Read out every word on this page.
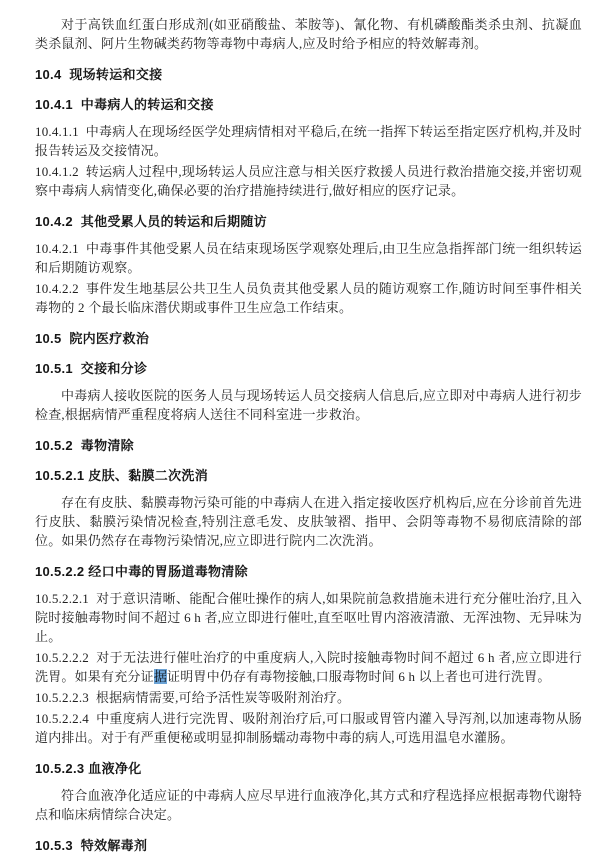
对于高铁血红蛋白形成剂(如亚硝酸盐、苯胺等)、氰化物、有机磷酸酯类杀虫剂、抗凝血类杀鼠剂、阿片生物碱类药物等毒物中毒病人,应及时给予相应的特效解毒剂。

10.4  现场转运和交接
10.4.1  中毒病人的转运和交接

10.4.1.1  中毒病人在现场经医学处理病情相对平稳后,在统一指挥下转运至指定医疗机构,并及时报告转运及交接情况。

10.4.1.2  转运病人过程中,现场转运人员应注意与相关医疗救援人员进行救治措施交接,并密切观察中毒病人病情变化,确保必要的治疗措施持续进行,做好相应的医疗记录。

10.4.2  其他受累人员的转运和后期随访

10.4.2.1  中毒事件其他受累人员在结束现场医学观察处理后,由卫生应急指挥部门统一组织转运和后期随访观察。

10.4.2.2  事件发生地基层公共卫生人员负责其他受累人员的随访观察工作,随访时间至事件相关毒物的 2 个最长临床潜伏期或事件卫生应急工作结束。

10.5  院内医疗救治
10.5.1  交接和分诊

中毒病人接收医院的医务人员与现场转运人员交接病人信息后,应立即对中毒病人进行初步检查,根据病情严重程度将病人送往不同科室进一步救治。

10.5.2  毒物清除
10.5.2.1 皮肤、黏膜二次洗消

存在有皮肤、黏膜毒物污染可能的中毒病人在进入指定接收医疗机构后,应在分诊前首先进行皮肤、黏膜污染情况检查,特别注意毛发、皮肤皱褶、指甲、会阴等毒物不易彻底清除的部位。如果仍然存在毒物污染情况,应立即进行院内二次洗消。

10.5.2.2 经口中毒的胃肠道毒物清除

10.5.2.2.1  对于意识清晰、能配合催吐操作的病人,如果院前急救措施未进行充分催吐治疗,且入院时接触毒物时间不超过 6 h 者,应立即进行催吐,直至呕吐胃内溶液清澈、无浑浊物、无异味为止。

10.5.2.2.2  对于无法进行催吐治疗的中重度病人,入院时接触毒物时间不超过 6 h 者,应立即进行洗胃。如果有充分证据证明胃中仍存有毒物接触,口服毒物时间 6 h 以上者也可进行洗胃。

10.5.2.2.3  根据病情需要,可给予活性炭等吸附剂治疗。

10.5.2.2.4  中重度病人进行完洗胃、吸附剂治疗后,可口服或胃管内灌入导泻剂,以加速毒物从肠道内排出。对于有严重便秘或明显抑制肠蠕动毒物中毒的病人,可选用温皂水灌肠。

10.5.2.3 血液净化

符合血液净化适应证的中毒病人应尽早进行血液净化,其方式和疗程选择应根据毒物代谢特点和临床病情综合决定。

10.5.3  特效解毒剂
